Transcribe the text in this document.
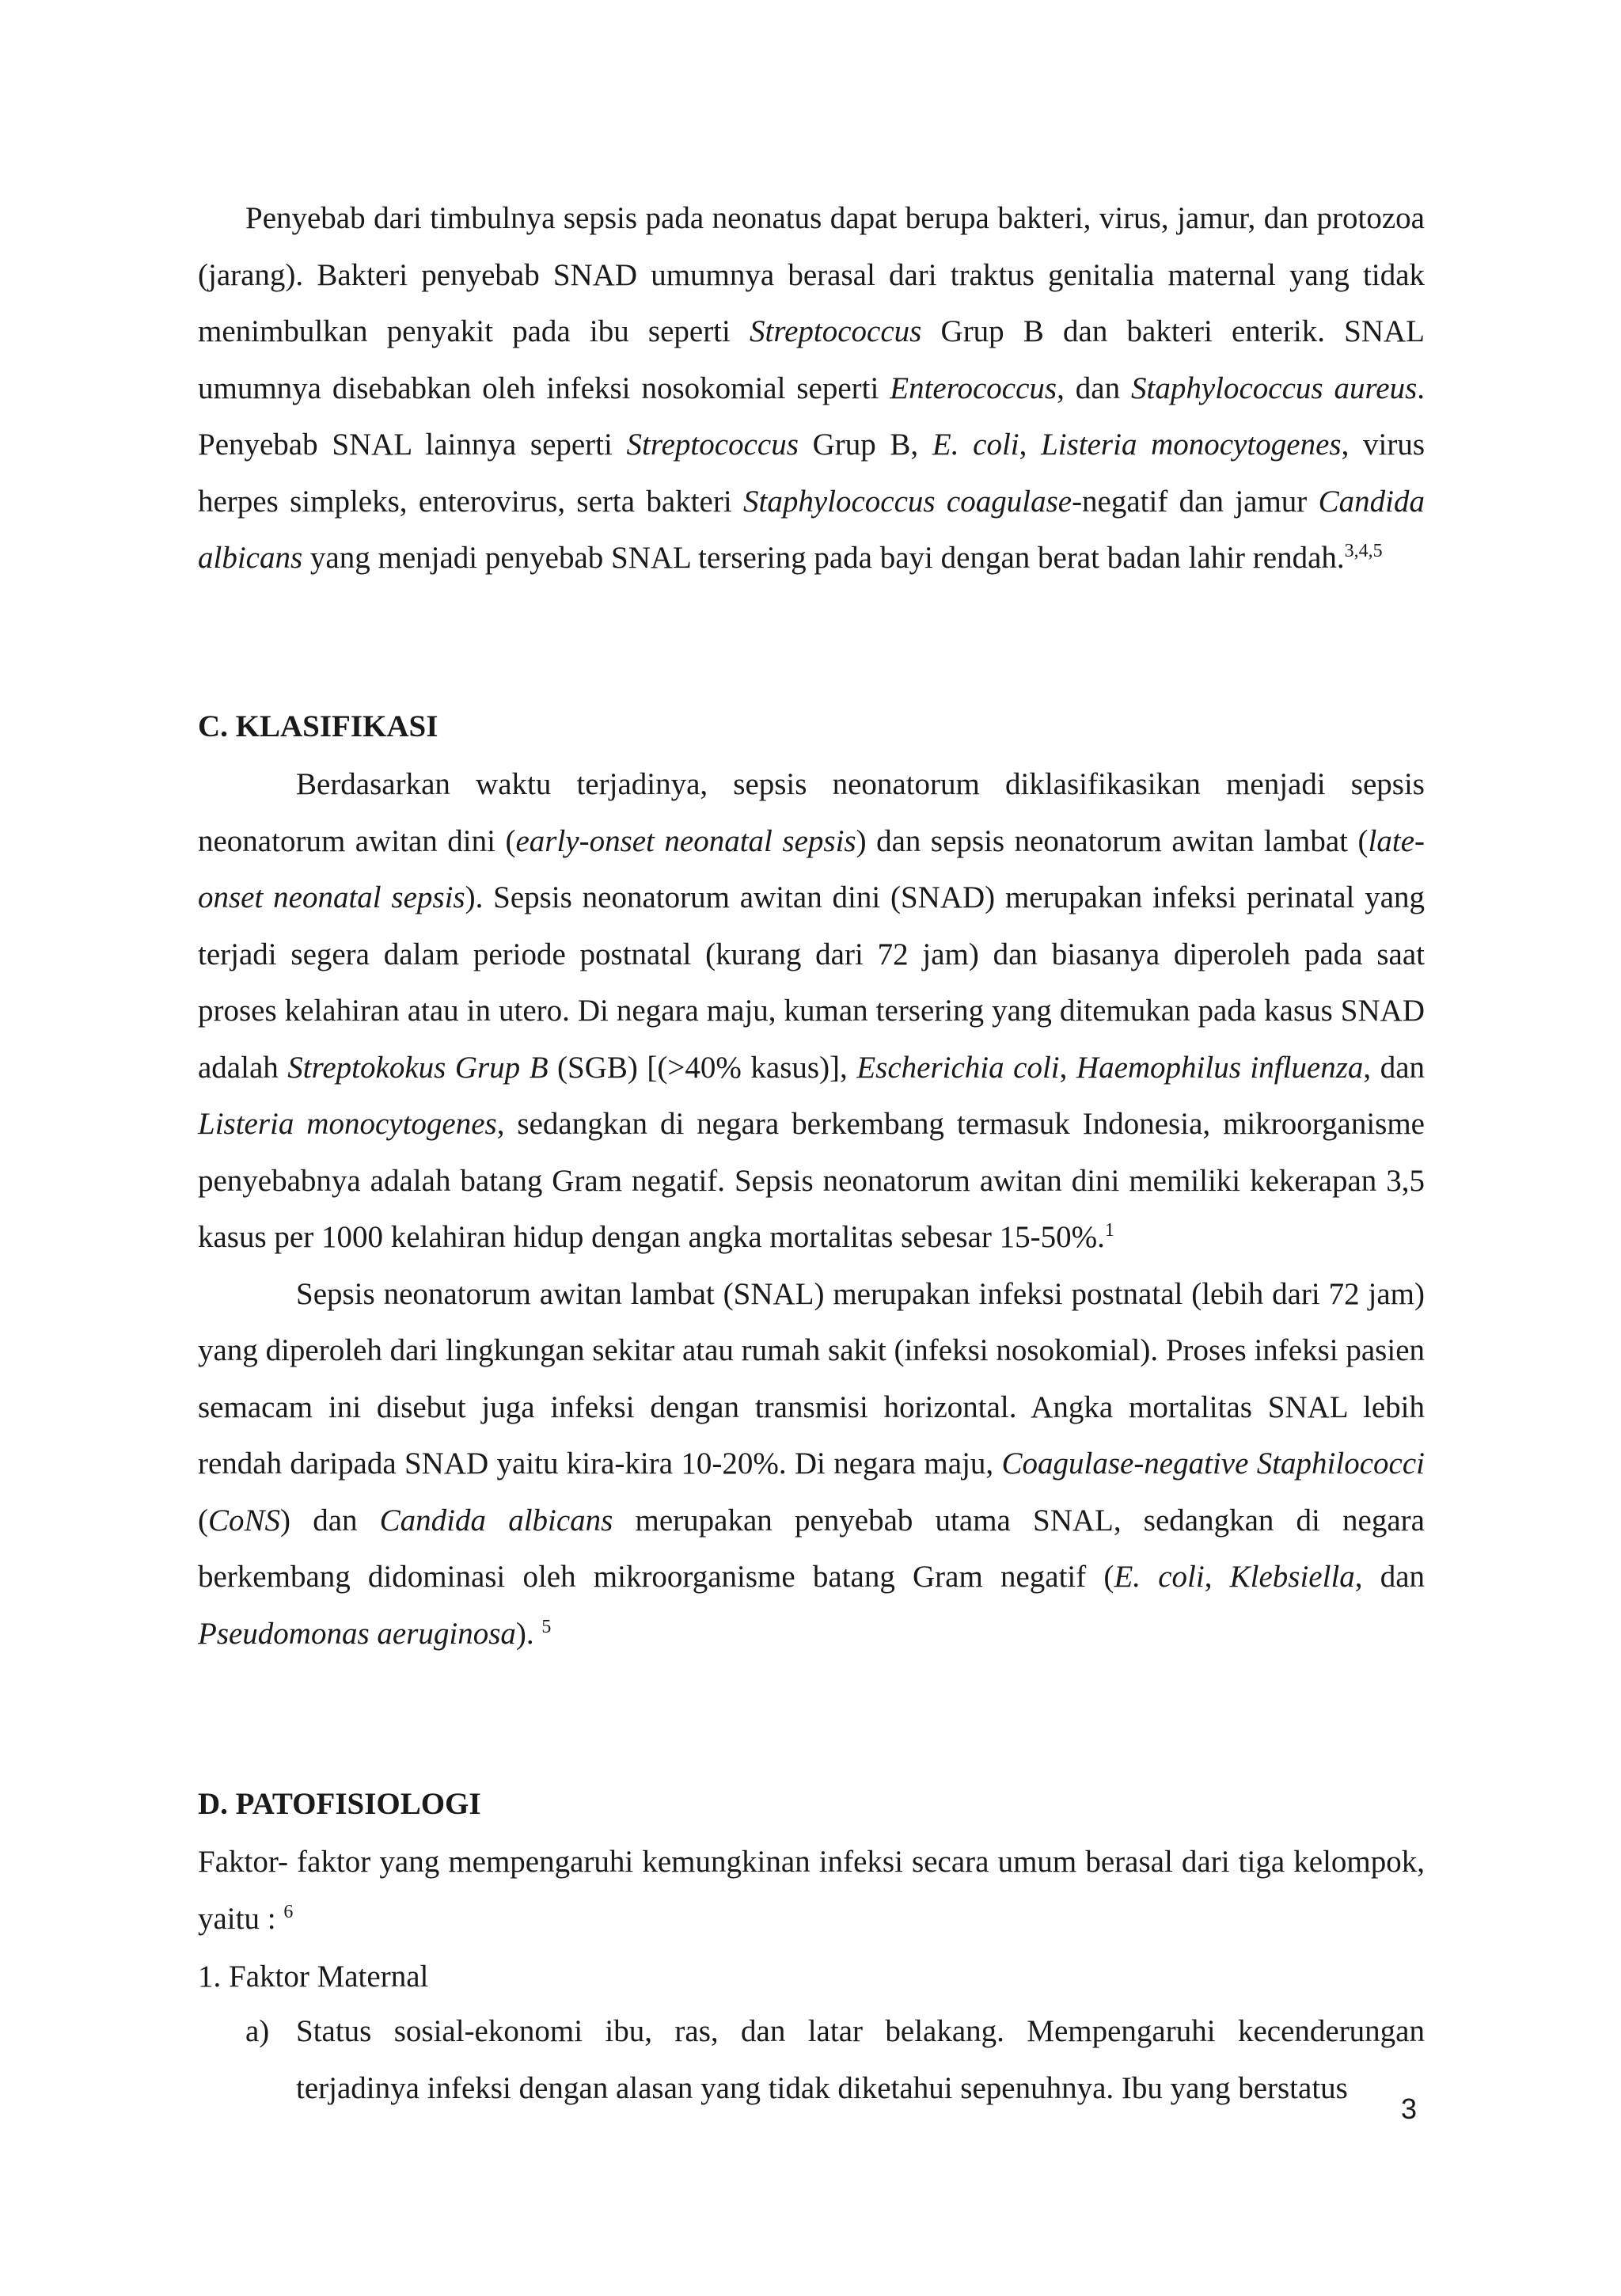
Penyebab dari timbulnya sepsis pada neonatus dapat berupa bakteri, virus, jamur, dan protozoa (jarang). Bakteri penyebab SNAD umumnya berasal dari traktus genitalia maternal yang tidak menimbulkan penyakit pada ibu seperti Streptococcus Grup B dan bakteri enterik. SNAL umumnya disebabkan oleh infeksi nosokomial seperti Enterococcus, dan Staphylococcus aureus. Penyebab SNAL lainnya seperti Streptococcus Grup B, E. coli, Listeria monocytogenes, virus herpes simpleks, enterovirus, serta bakteri Staphylococcus coagulase-negatif dan jamur Candida albicans yang menjadi penyebab SNAL tersering pada bayi dengan berat badan lahir rendah.$^{3,4,5}$

C. KLASIFIKASI

Berdasarkan waktu terjadinya, sepsis neonatorum diklasifikasikan menjadi sepsis neonatorum awitan dini (early-onset neonatal sepsis) dan sepsis neonatorum awitan lambat (late-onset neonatal sepsis). Sepsis neonatorum awitan dini (SNAD) merupakan infeksi perinatal yang terjadi segera dalam periode postnatal (kurang dari 72 jam) dan biasanya diperoleh pada saat proses kelahiran atau in utero. Di negara maju, kuman tersering yang ditemukan pada kasus SNAD adalah Streptokokus Grup B (SGB) [(>40% kasus)], Escherichia coli, Haemophilus influenza, dan Listeria monocytogenes, sedangkan di negara berkembang termasuk Indonesia, mikroorganisme penyebabnya adalah batang Gram negatif. Sepsis neonatorum awitan dini memiliki kekerapan 3,5 kasus per 1000 kelahiran hidup dengan angka mortalitas sebesar 15-50%.$^1$

Sepsis neonatorum awitan lambat (SNAL) merupakan infeksi postnatal (lebih dari 72 jam) yang diperoleh dari lingkungan sekitar atau rumah sakit (infeksi nosokomial). Proses infeksi pasien semacam ini disebut juga infeksi dengan transmisi horizontal. Angka mortalitas SNAL lebih rendah daripada SNAD yaitu kira-kira 10-20%. Di negara maju, Coagulase-negative Staphilococci (CoNS) dan Candida albicans merupakan penyebab utama SNAL, sedangkan di negara berkembang didominasi oleh mikroorganisme batang Gram negatif (E. coli, Klebsiella, dan Pseudomonas aeruginosa). $^5$

D. PATOFISIOLOGI

Faktor- faktor yang mempengaruhi kemungkinan infeksi secara umum berasal dari tiga kelompok, yaitu : $^6$

1. Faktor Maternal
a) Status sosial-ekonomi ibu, ras, dan latar belakang. Mempengaruhi kecenderungan terjadinya infeksi dengan alasan yang tidak diketahui sepenuhnya. Ibu yang berstatus

3
